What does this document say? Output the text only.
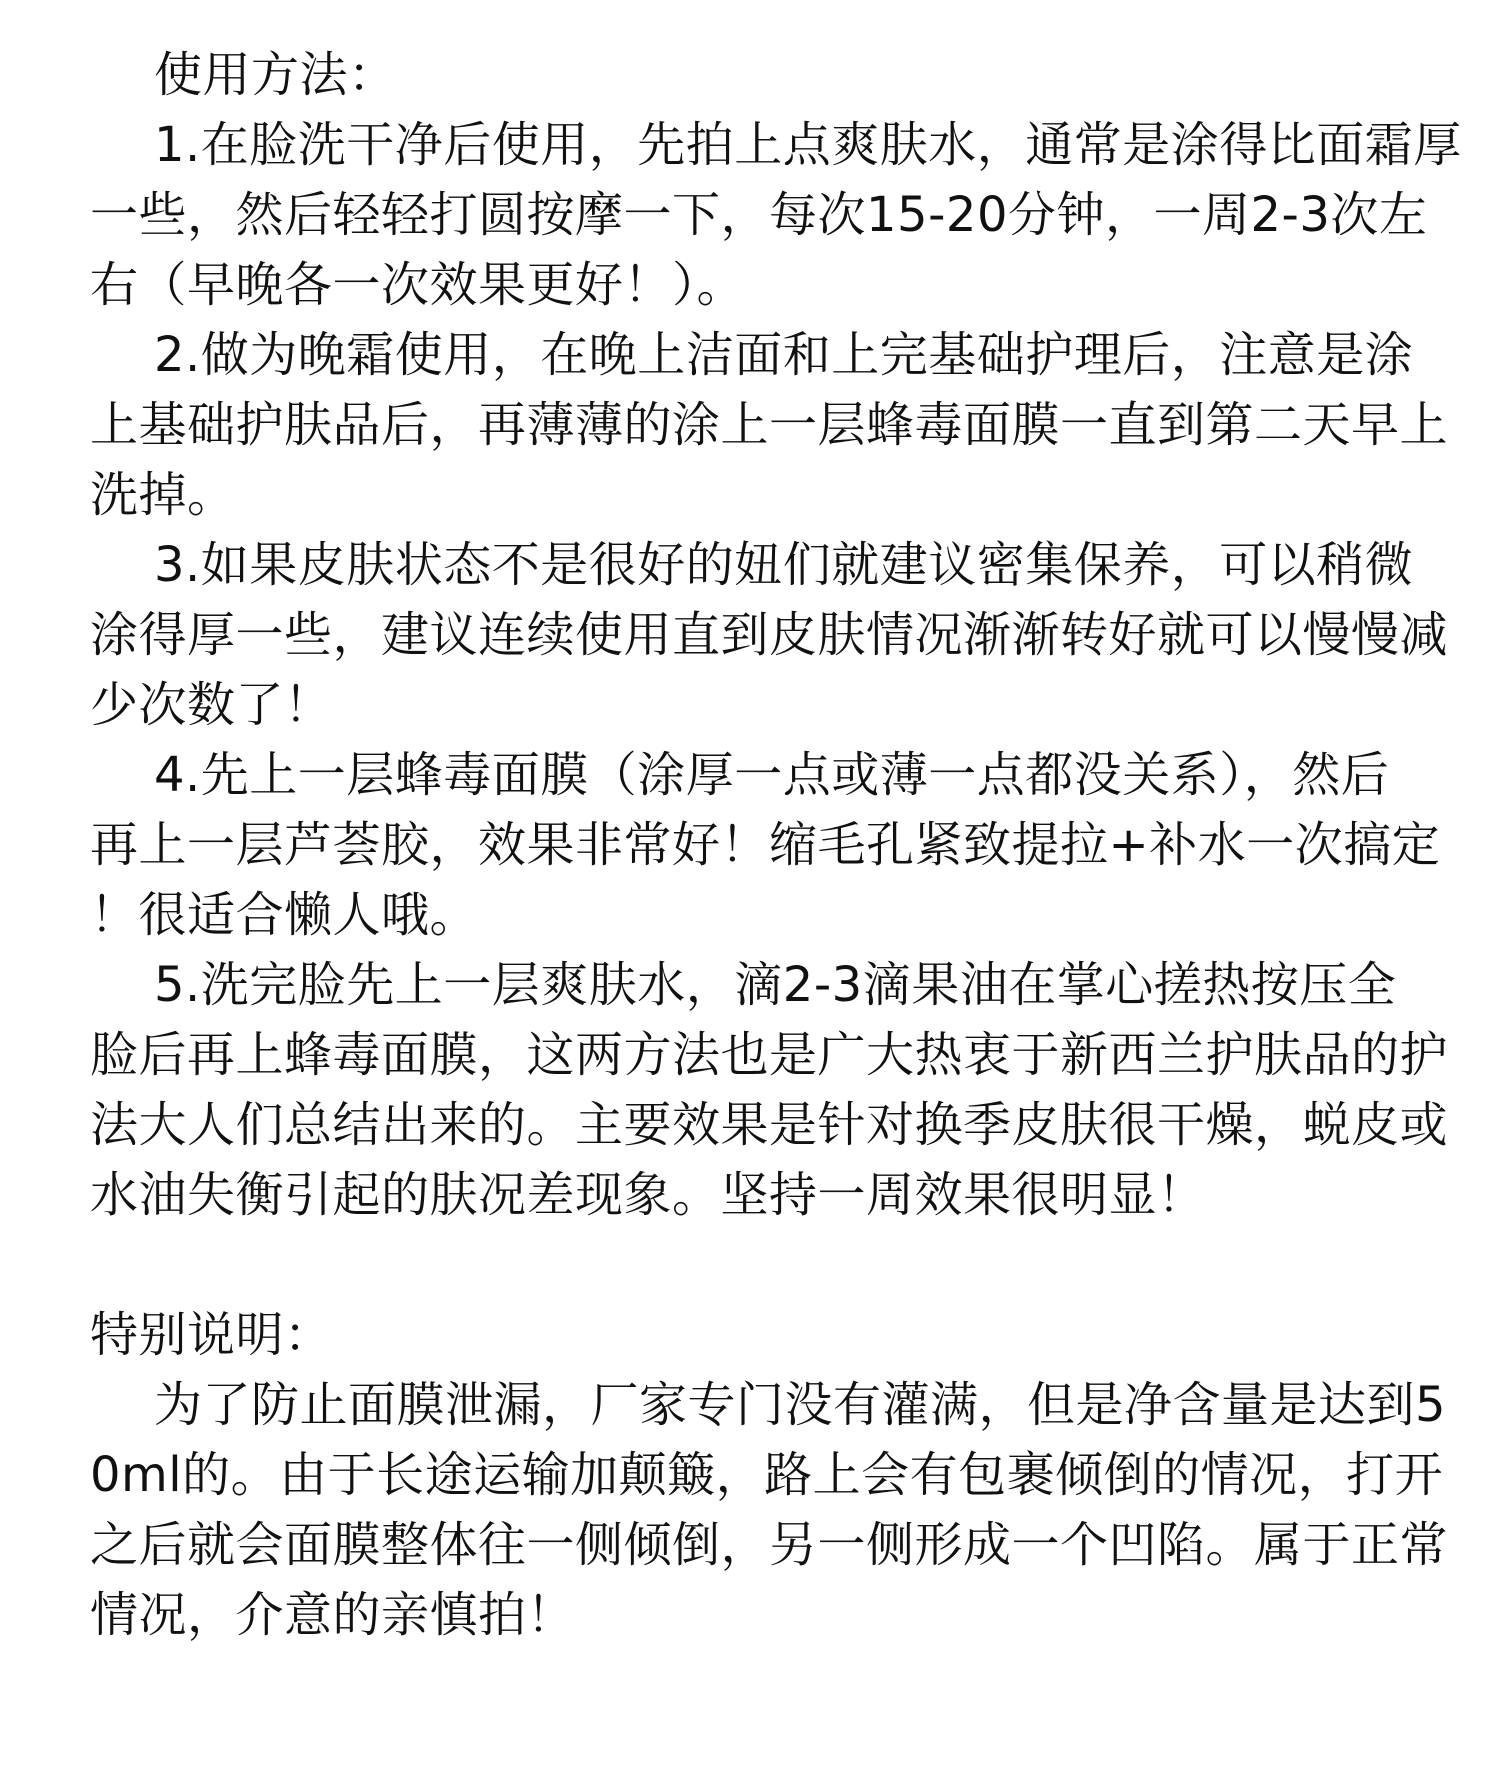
使用方法：
1.在脸洗干净后使用，先拍上点爽肤水，通常是涂得比面霜厚
一些，然后轻轻打圆按摩一下，每次15-20分钟，一周2-3次左
右（早晚各一次效果更好！）。
2.做为晚霜使用，在晚上洁面和上完基础护理后，注意是涂
上基础护肤品后，再薄薄的涂上一层蜂毒面膜一直到第二天早上
洗掉。
3.如果皮肤状态不是很好的妞们就建议密集保养，可以稍微
涂得厚一些，建议连续使用直到皮肤情况渐渐转好就可以慢慢减
少次数了！
4.先上一层蜂毒面膜（涂厚一点或薄一点都没关系），然后
再上一层芦荟胶，效果非常好！缩毛孔紧致提拉+补水一次搞定
！很适合懒人哦。
5.洗完脸先上一层爽肤水，滴2-3滴果油在掌心搓热按压全
脸后再上蜂毒面膜，这两方法也是广大热衷于新西兰护肤品的护
法大人们总结出来的。主要效果是针对换季皮肤很干燥，蜕皮或
水油失衡引起的肤况差现象。坚持一周效果很明显！
特别说明：
为了防止面膜泄漏，厂家专门没有灌满，但是净含量是达到5
0ml的。由于长途运输加颠簸，路上会有包裹倾倒的情况，打开
之后就会面膜整体往一侧倾倒，另一侧形成一个凹陷。属于正常
情况，介意的亲慎拍！
